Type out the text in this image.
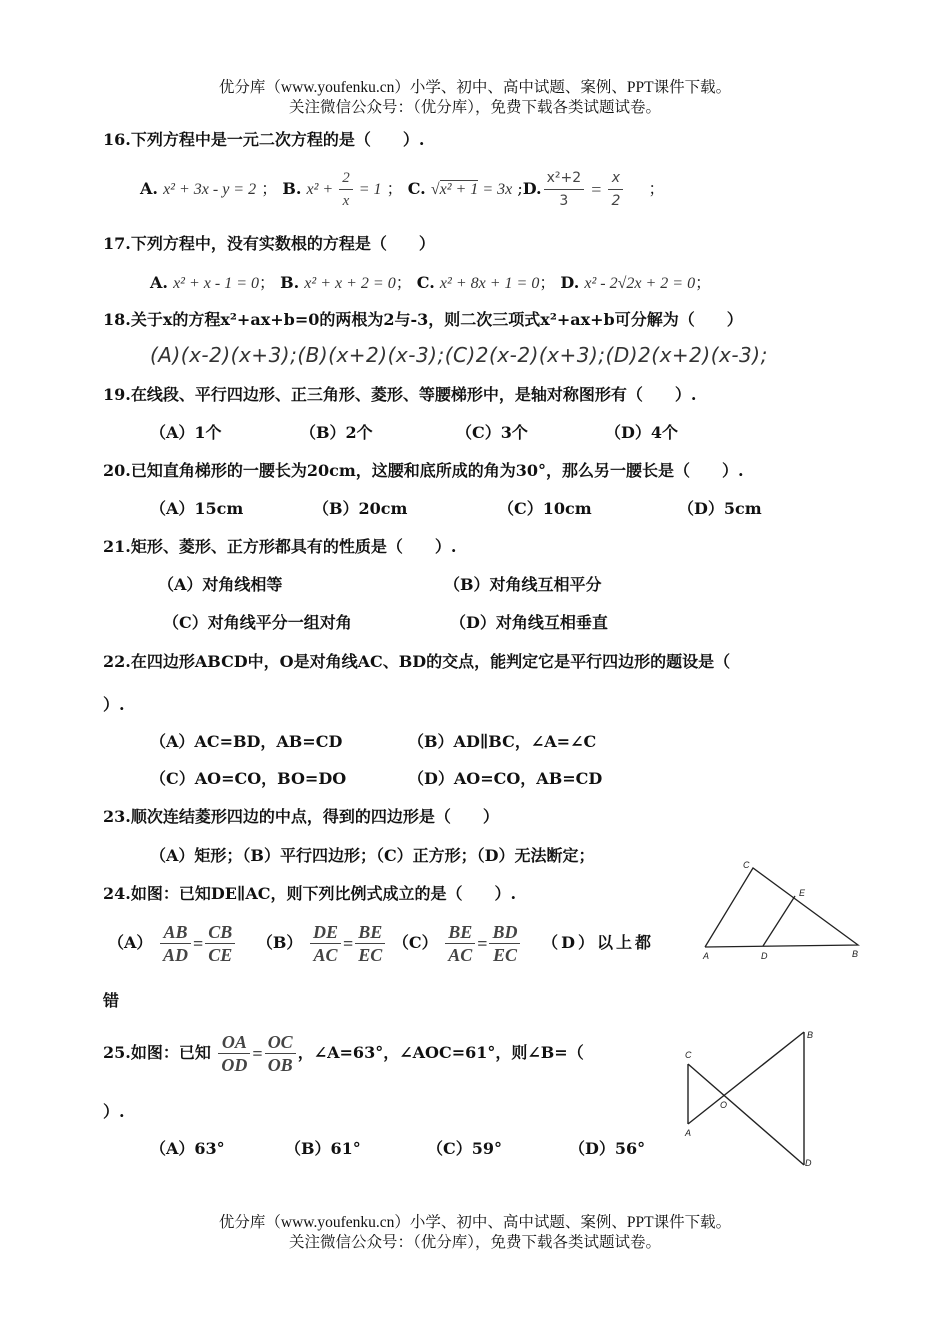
优分库（www.youfenku.cn）小学、初中、高中试题、案例、PPT课件下载。
关注微信公众号：（优分库），免费下载各类试题试卷。
16.下列方程中是一元二次方程的是（　　）.
A. x² + 3x - y = 2 ； B. $x^2 + \frac{2}{x} = 1$ ； C. √x² + 1 = 3x ;D. $\frac{\text{x²+2}}{3} = \frac{x}{2}$ ；
17.下列方程中，没有实数根的方程是（　　）
A. x² + x - 1 = 0； B. x² + x + 2 = 0； C. x² + 8x + 1 = 0； D. x² - 2√2x + 2 = 0；
18.关于x的方程x²+ax+b=0的两根为2与-3，则二次三项式x²+ax+b可分解为（　　）
(A)(x-2)(x+3);(B)(x+2)(x-3);(C)2(x-2)(x+3);(D)2(x+2)(x-3);
19.在线段、平行四边形、正三角形、菱形、等腰梯形中，是轴对称图形有（　　）.
（A）1个	（B）2个	（C）3个	（D）4个
20.已知直角梯形的一腰长为20cm，这腰和底所成的角为30°，那么另一腰长是（　　）.
（A）15cm	（B）20cm	（C）10cm	（D）5cm
21.矩形、菱形、正方形都具有的性质是（　　）.
（A）对角线相等	（B）对角线互相平分
（C）对角线平分一组对角	（D）对角线互相垂直
22.在四边形ABCD中，O是对角线AC、BD的交点，能判定它是平行四边形的题设是（
）.
（A）AC=BD，AB=CD	（B）AD∥BC，∠A=∠C
（C）AO=CO，BO=DO	（D）AO=CO，AB=CD
23.顺次连结菱形四边的中点，得到的四边形是（　　）
（A）矩形；（B）平行四边形；（C）正方形；（D）无法断定；
24.如图：已知DE∥AC，则下列比例式成立的是（　　）.
$(A) \frac{AB}{AD} = \frac{CB}{CE} (B) \frac{DE}{AC} = \frac{BE}{EC} (C) \frac{BE}{AC} = \frac{BD}{EC} (D)$以上都
错
C
E
A	D	B
25.如图：已知 $\frac{OA}{OD} = \frac{OC}{OB}$ ，∠A=63°，∠AOC=61°，则∠B=（
）.
（A）63°	（B）61°	（C）59°	（D）56°
C
A
O
B
D
优分库（www.youfenku.cn）小学、初中、高中试题、案例、PPT课件下载。
关注微信公众号：（优分库），免费下载各类试题试卷。
